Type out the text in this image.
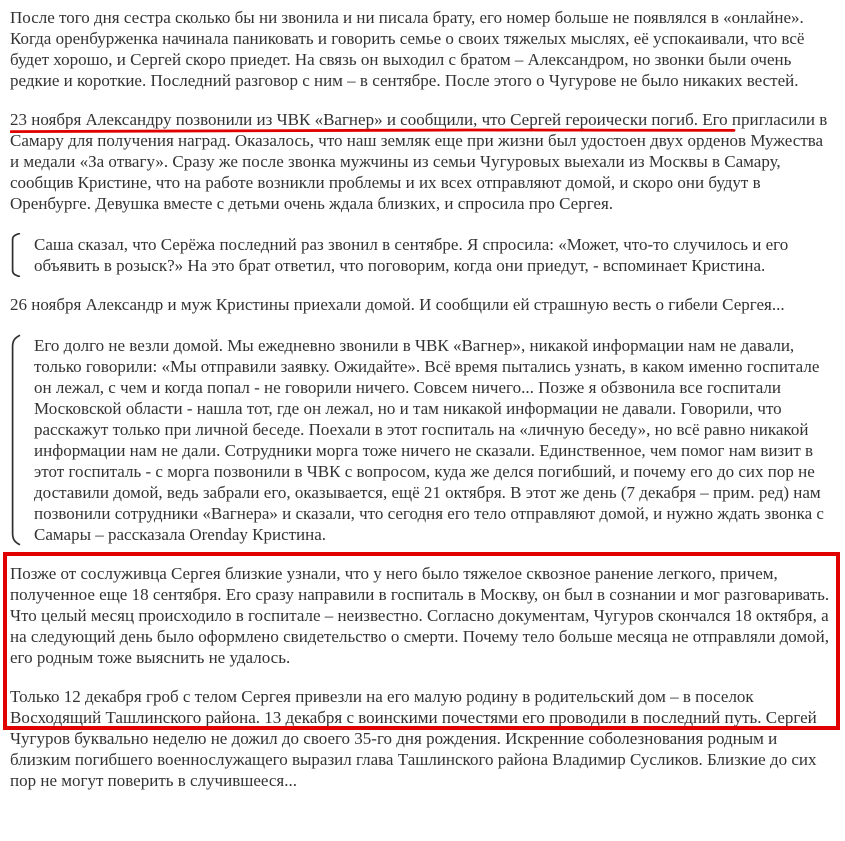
После того дня сестра сколько бы ни звонила и ни писала брату, его номер больше не появлялся в «онлайне». Когда оренбурженка начинала паниковать и говорить семье о своих тяжелых мыслях, её успокаивали, что всё будет хорошо, и Сергей скоро приедет. На связь он выходил с братом – Александром, но звонки были очень редкие и короткие. Последний разговор с ним – в сентябре. После этого о Чугурове не было никаких вестей.

23 ноября Александру позвонили из ЧВК «Вагнер» и сообщили, что Сергей героически погиб. Его пригласили в Самару для получения наград. Оказалось, что наш земляк еще при жизни был удостоен двух орденов Мужества и медали «За отвагу». Сразу же после звонка мужчины из семьи Чугуровых выехали из Москвы в Самару, сообщив Кристине, что на работе возникли проблемы и их всех отправляют домой, и скоро они будут в Оренбурге. Девушка вместе с детьми очень ждала близких, и спросила про Сергея.

Саша сказал, что Серёжа последний раз звонил в сентябре. Я спросила: «Может, что-то случилось и его объявить в розыск?» На это брат ответил, что поговорим, когда они приедут, - вспоминает Кристина.

26 ноября Александр и муж Кристины приехали домой. И сообщили ей страшную весть о гибели Сергея...

Его долго не везли домой. Мы ежедневно звонили в ЧВК «Вагнер», никакой информации нам не давали, только говорили: «Мы отправили заявку. Ожидайте». Всё время пытались узнать, в каком именно госпитале он лежал, с чем и когда попал - не говорили ничего. Совсем ничего... Позже я обзвонила все госпитали Московской области - нашла тот, где он лежал, но и там никакой информации не давали. Говорили, что расскажут только при личной беседе. Поехали в этот госпиталь на «личную беседу», но всё равно никакой информации нам не дали. Сотрудники морга тоже ничего не сказали. Единственное, чем помог нам визит в этот госпиталь - с морга позвонили в ЧВК с вопросом, куда же делся погибший, и почему его до сих пор не доставили домой, ведь забрали его, оказывается, ещё 21 октября. В этот же день (7 декабря – прим. ред) нам позвонили сотрудники «Вагнера» и сказали, что сегодня его тело отправляют домой, и нужно ждать звонка с Самары – рассказала Orenday Кристина.

Позже от сослуживца Сергея близкие узнали, что у него было тяжелое сквозное ранение легкого, причем, полученное еще 18 сентября. Его сразу направили в госпиталь в Москву, он был в сознании и мог разговаривать. Что целый месяц происходило в госпитале – неизвестно. Согласно документам, Чугуров скончался 18 октября, а на следующий день было оформлено свидетельство о смерти. Почему тело больше месяца не отправляли домой, его родным тоже выяснить не удалось.

Только 12 декабря гроб с телом Сергея привезли на его малую родину в родительский дом – в поселок Восходящий Ташлинского района. 13 декабря с воинскими почестями его проводили в последний путь. Сергей Чугуров буквально неделю не дожил до своего 35-го дня рождения. Искренние соболезнования родным и близким погибшего военнослужащего выразил глава Ташлинского района Владимир Сусликов. Близкие до сих пор не могут поверить в случившееся...
